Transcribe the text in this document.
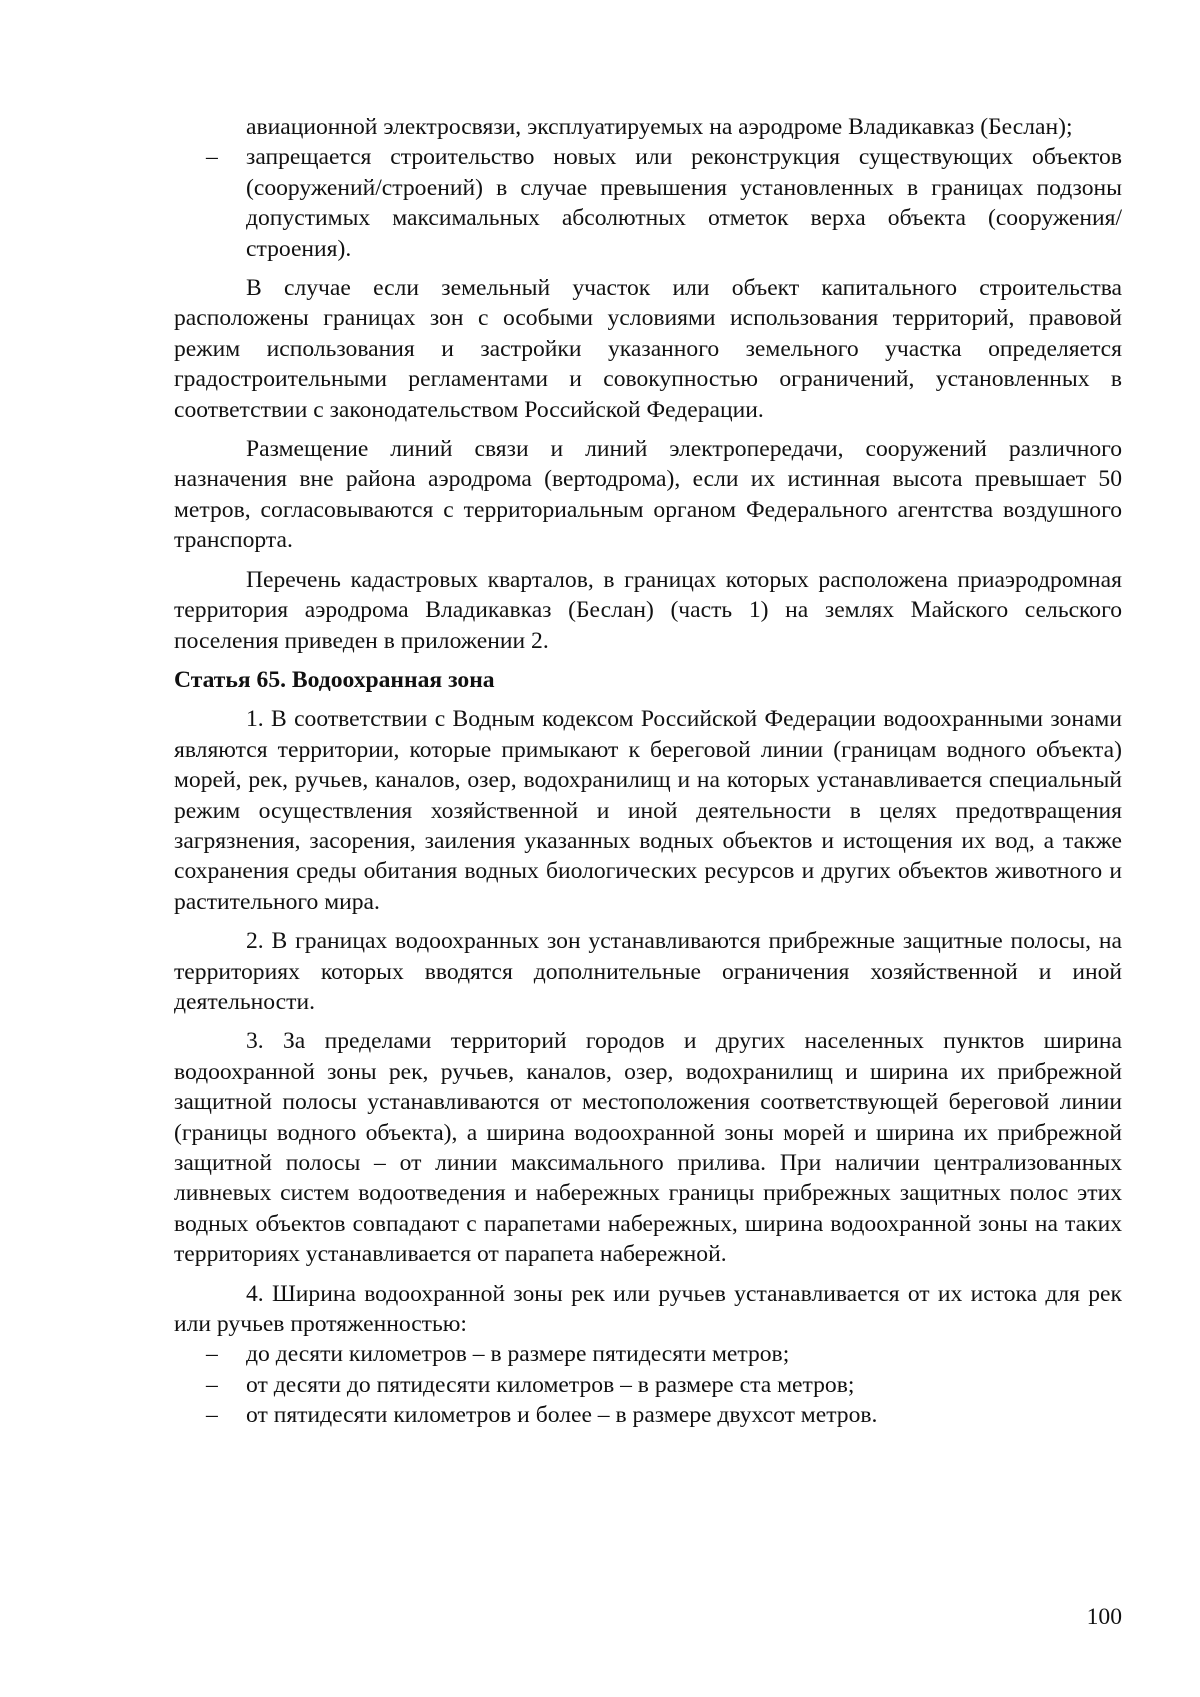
авиационной электросвязи, эксплуатируемых на аэродроме Владикавказ (Беслан);

– запрещается строительство новых или реконструкция существующих объектов (сооружений/строений) в случае превышения установленных в границах подзоны допустимых максимальных абсолютных отметок верха объекта (сооружения/строения).

В случае если земельный участок или объект капитального строительства расположены границах зон с особыми условиями использования территорий, правовой режим использования и застройки указанного земельного участка определяется градостроительными регламентами и совокупностью ограничений, установленных в соответствии с законодательством Российской Федерации.

Размещение линий связи и линий электропередачи, сооружений различного назначения вне района аэродрома (вертодрома), если их истинная высота превышает 50 метров, согласовываются с территориальным органом Федерального агентства воздушного транспорта.

Перечень кадастровых кварталов, в границах которых расположена приаэродромная территория аэродрома Владикавказ (Беслан) (часть 1) на землях Майского сельского поселения приведен в приложении 2.

Статья 65. Водоохранная зона

1. В соответствии с Водным кодексом Российской Федерации водоохранными зонами являются территории, которые примыкают к береговой линии (границам водного объекта) морей, рек, ручьев, каналов, озер, водохранилищ и на которых устанавливается специальный режим осуществления хозяйственной и иной деятельности в целях предотвращения загрязнения, засорения, заиления указанных водных объектов и истощения их вод, а также сохранения среды обитания водных биологических ресурсов и других объектов животного и растительного мира.

2. В границах водоохранных зон устанавливаются прибрежные защитные полосы, на территориях которых вводятся дополнительные ограничения хозяйственной и иной деятельности.

3. За пределами территорий городов и других населенных пунктов ширина водоохранной зоны рек, ручьев, каналов, озер, водохранилищ и ширина их прибрежной защитной полосы устанавливаются от местоположения соответствующей береговой линии (границы водного объекта), а ширина водоохранной зоны морей и ширина их прибрежной защитной полосы – от линии максимального прилива. При наличии централизованных ливневых систем водоотведения и набережных границы прибрежных защитных полос этих водных объектов совпадают с парапетами набережных, ширина водоохранной зоны на таких территориях устанавливается от парапета набережной.

4. Ширина водоохранной зоны рек или ручьев устанавливается от их истока для рек или ручьев протяженностью:

– до десяти километров – в размере пятидесяти метров;
– от десяти до пятидесяти километров – в размере ста метров;
– от пятидесяти километров и более – в размере двухсот метров.
100
